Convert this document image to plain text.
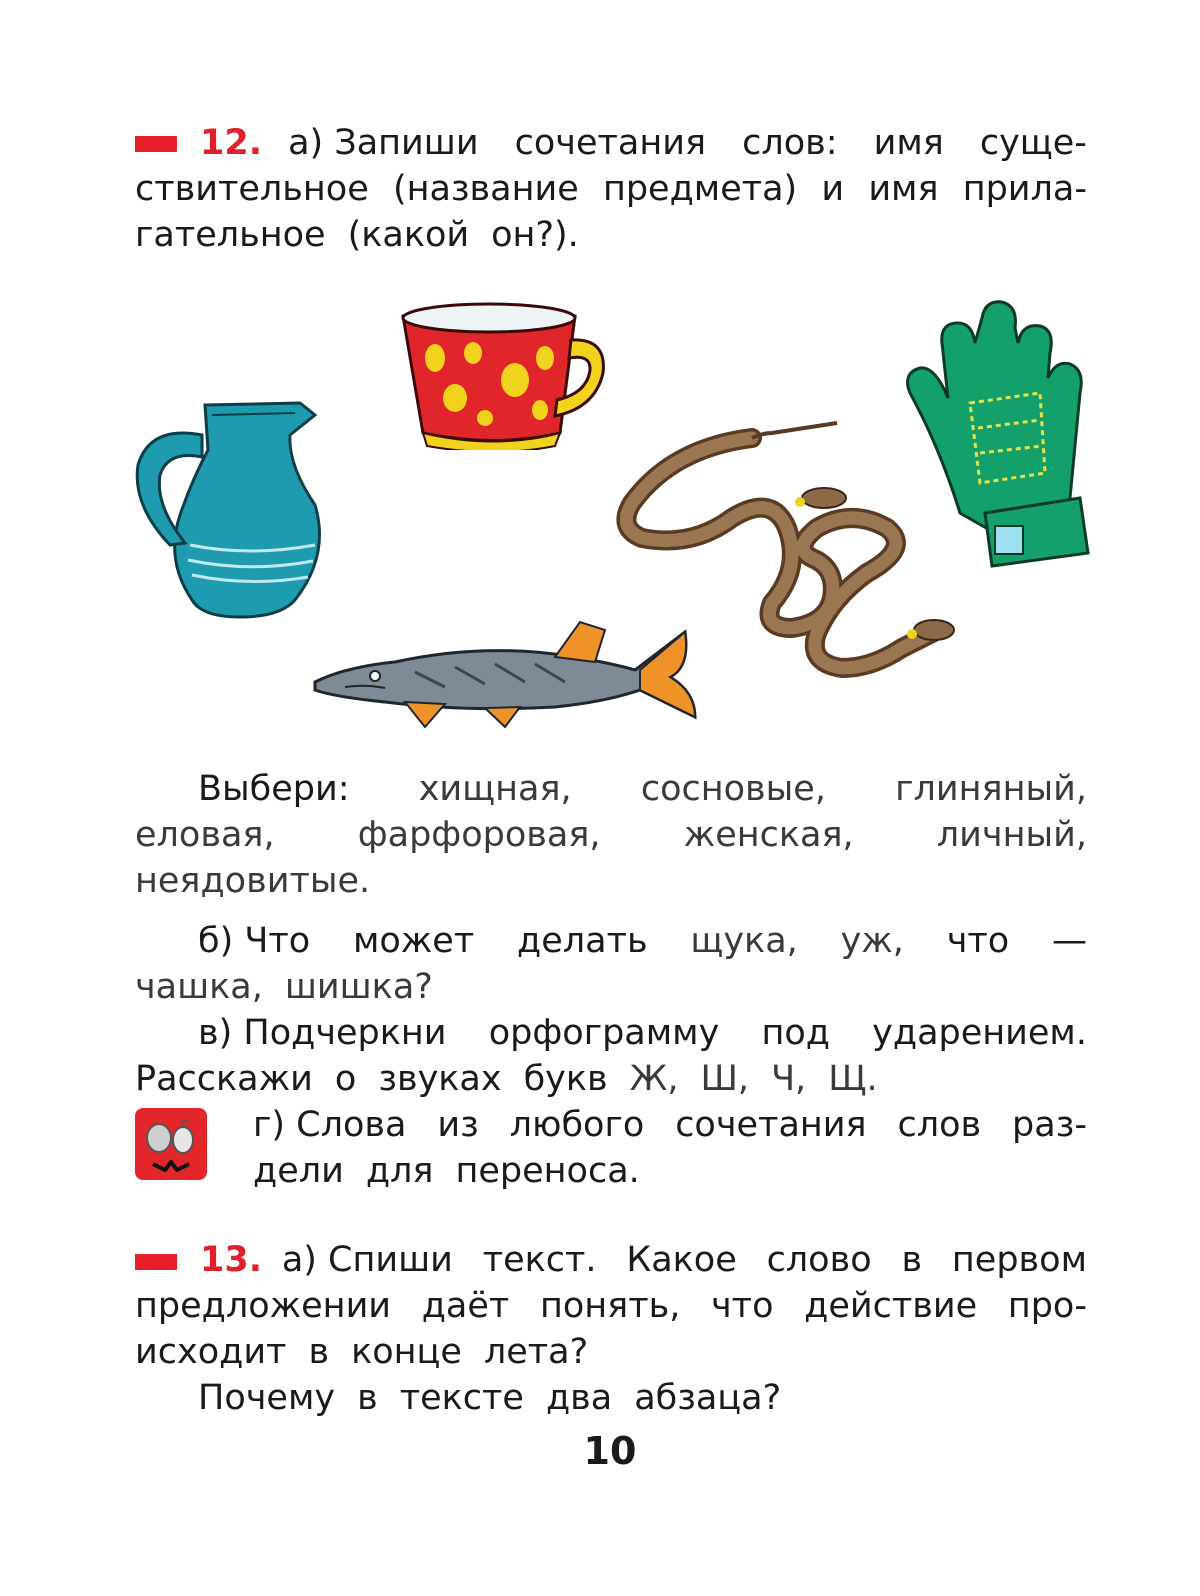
12. а) Запиши сочетания слов: имя суще-
ствительное (название предмета) и имя прила-
гательное (какой он?).
Выбери: хищная, сосновые, глиняный,
еловая, фарфоровая, женская, личный,
неядовитые.
б) Что может делать щука, уж, что —
чашка, шишка?
в) Подчеркни орфограмму под ударением.
Расскажи о звуках букв Ж, Ш, Ч, Щ.
г) Слова из любого сочетания слов раз-
дели для переноса.
13. а) Спиши текст. Какое слово в первом
предложении даёт понять, что действие про-
исходит в конце лета?
Почему в тексте два абзаца?
10
